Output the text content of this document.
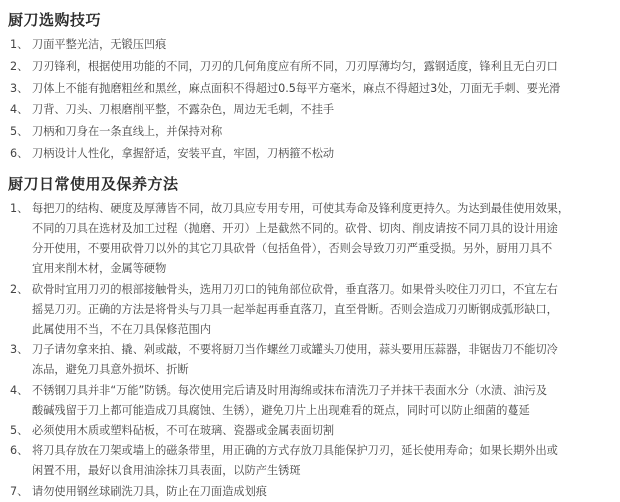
厨刀选购技巧
1、 刀面平整光洁，无锻压凹痕
2、 刀刃锋利，根据使用功能的不同，刀刃的几何角度应有所不同，刀刃厚薄均匀，露钢适度，锋利且无白刃口
3、 刀体上不能有抛磨粗丝和黑丝，麻点面积不得超过0.5每平方毫米，麻点不得超过3处，刀面无手刺、要光滑
4、 刀背、刀头、刀根磨削平整，不露杂色，周边无毛刺，不挂手
5、 刀柄和刀身在一条直线上，并保持对称
6、 刀柄设计人性化，拿握舒适，安装平直，牢固，刀柄箍不松动
厨刀日常使用及保养方法
1、 每把刀的结构、硬度及厚薄皆不同，故刀具应专用专用，可使其寿命及锋利度更持久。为达到最佳使用效果，
不同的刀具在选材及加工过程（抛磨、开刃）上是截然不同的。砍骨、切肉、削皮请按不同刀具的设计用途
分开使用，不要用砍骨刀以外的其它刀具砍骨（包括鱼骨），否则会导致刀刃严重受损。另外，厨用刀具不
宜用来削木材，金属等硬物
2、 砍骨时宜用刀刃的根部接触骨头，选用刀刃口的钝角部位砍骨，垂直落刀。如果骨头咬住刀刃口，不宜左右
摇晃刀刃。正确的方法是将骨头与刀具一起举起再垂直落刀，直至骨断。否则会造成刀刃断钢成弧形缺口，
此属使用不当，不在刀具保修范围内
3、 刀子请勿拿来拍、撬、剁或敲，不要将厨刀当作螺丝刀或罐头刀使用，蒜头要用压蒜器，非锯齿刀不能切冷
冻品，避免刀具意外损坏、折断
4、 不锈钢刀具并非“万能”防锈。每次使用完后请及时用海绵或抹布清洗刀子并抹干表面水分（水渍、油污及
酸碱残留于刀上都可能造成刀具腐蚀、生锈），避免刀片上出现难看的斑点，同时可以防止细菌的蔓延
5、 必须使用木质或塑料砧板，不可在玻璃、瓷器或金属表面切割
6、 将刀具存放在刀架或墙上的磁条带里，用正确的方式存放刀具能保护刀刃，延长使用寿命；如果长期外出或
闲置不用，最好以食用油涂抹刀具表面，以防产生锈斑
7、 请勿使用钢丝球刷洗刀具，防止在刀面造成划痕
